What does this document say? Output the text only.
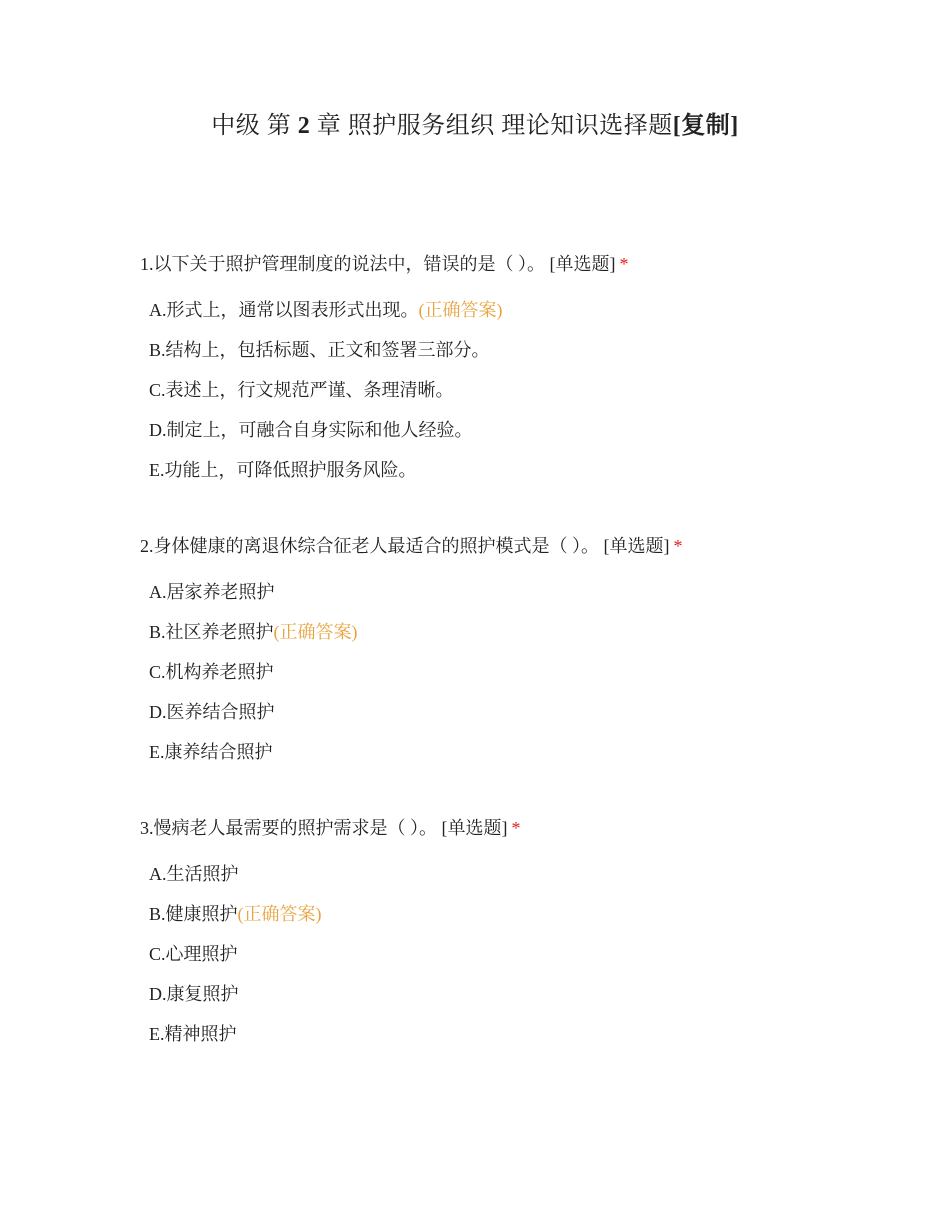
中级 第 2 章 照护服务组织 理论知识选择题[复制]
1.以下关于照护管理制度的说法中，错误的是（ ）。 [单选题] *
A.形式上，通常以图表形式出现。(正确答案)
B.结构上，包括标题、正文和签署三部分。
C.表述上，行文规范严谨、条理清晰。
D.制定上，可融合自身实际和他人经验。
E.功能上，可降低照护服务风险。
2.身体健康的离退休综合征老人最适合的照护模式是（ ）。 [单选题] *
A.居家养老照护
B.社区养老照护(正确答案)
C.机构养老照护
D.医养结合照护
E.康养结合照护
3.慢病老人最需要的照护需求是（ ）。 [单选题] *
A.生活照护
B.健康照护(正确答案)
C.心理照护
D.康复照护
E.精神照护
